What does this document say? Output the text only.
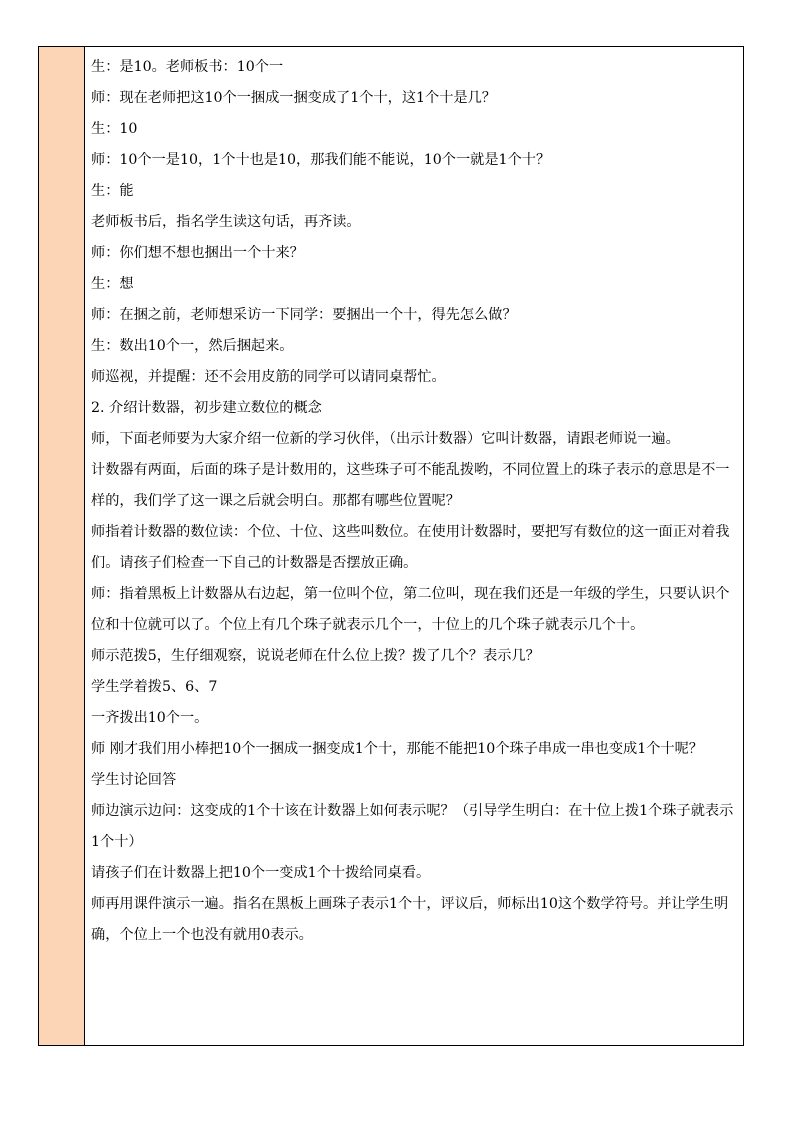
生：是10。老师板书：10个一

师：现在老师把这10个一捆成一捆变成了1个十，这1个十是几？

生：10

师：10个一是10，1个十也是10，那我们能不能说，10个一就是1个十？

生：能

老师板书后，指名学生读这句话，再齐读。

师：你们想不想也捆出一个十来？

生：想

师：在捆之前，老师想采访一下同学：要捆出一个十，得先怎么做？

生：数出10个一，然后捆起来。

师巡视，并提醒：还不会用皮筋的同学可以请同桌帮忙。

2. 介绍计数器，初步建立数位的概念

师，下面老师要为大家介绍一位新的学习伙伴，（出示计数器）它叫计数器，请跟老师说一遍。

计数器有两面，后面的珠子是计数用的，这些珠子可不能乱拨哟，不同位置上的珠子表示的意思是不一样的，我们学了这一课之后就会明白。那都有哪些位置呢？

师指着计数器的数位读：个位、十位、这些叫数位。在使用计数器时，要把写有数位的这一面正对着我们。请孩子们检查一下自己的计数器是否摆放正确。

师：指着黑板上计数器从右边起，第一位叫个位，第二位叫，现在我们还是一年级的学生，只要认识个位和十位就可以了。个位上有几个珠子就表示几个一，十位上的几个珠子就表示几个十。

师示范拨5，生仔细观察，说说老师在什么位上拨？拨了几个？表示几？

学生学着拨5、6、7

一齐拨出10个一。

师 刚才我们用小棒把10个一捆成一捆变成1个十，那能不能把10个珠子串成一串也变成1个十呢？

学生讨论回答

师边演示边问：这变成的1个十该在计数器上如何表示呢？（引导学生明白：在十位上拨1个珠子就表示1个十）

请孩子们在计数器上把10个一变成1个十拨给同桌看。

师再用课件演示一遍。指名在黑板上画珠子表示1个十，评议后，师标出10这个数学符号。并让学生明确，个位上一个也没有就用0表示。
